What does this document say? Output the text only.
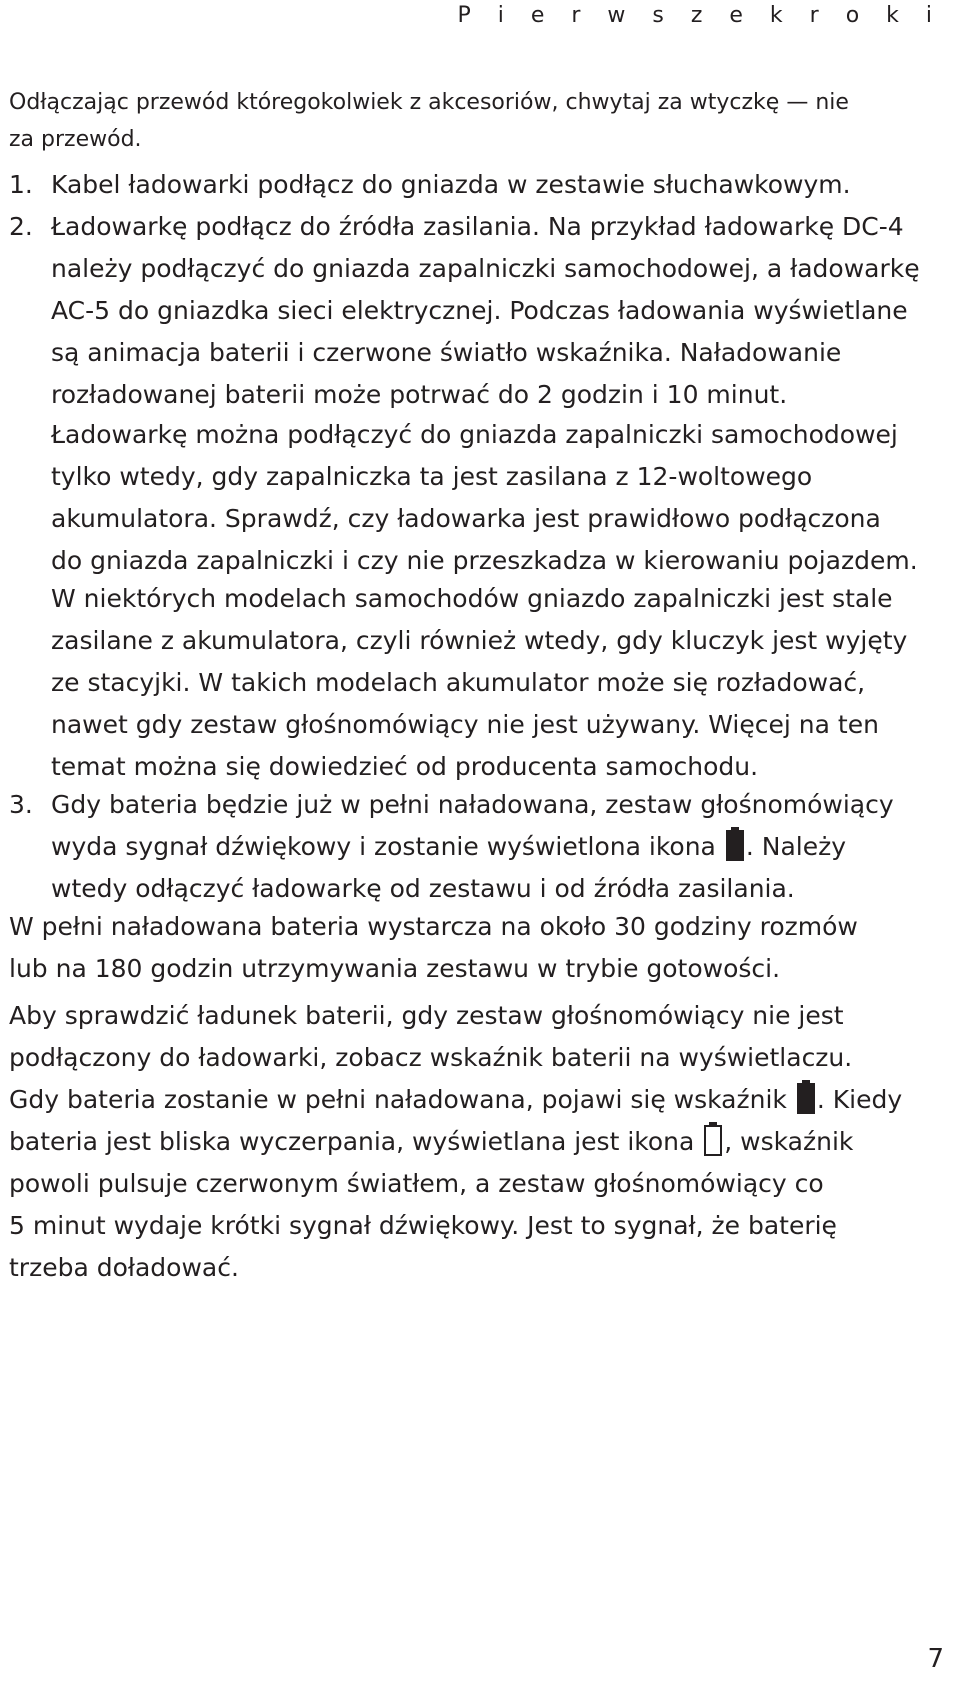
P i e r w s z e k r o k i
Odłączając przewód któregokolwiek z akcesoriów, chwytaj za wtyczkę — nie
za przewód.
1. Kabel ładowarki podłącz do gniazda w zestawie słuchawkowym.
2. Ładowarkę podłącz do źródła zasilania. Na przykład ładowarkę DC-4
należy podłączyć do gniazda zapalniczki samochodowej, a ładowarkę
AC-5 do gniazdka sieci elektrycznej. Podczas ładowania wyświetlane
są animacja baterii i czerwone światło wskaźnika. Naładowanie
rozładowanej baterii może potrwać do 2 godzin i 10 minut.
Ładowarkę można podłączyć do gniazda zapalniczki samochodowej
tylko wtedy, gdy zapalniczka ta jest zasilana z 12-woltowego
akumulatora. Sprawdź, czy ładowarka jest prawidłowo podłączona
do gniazda zapalniczki i czy nie przeszkadza w kierowaniu pojazdem.
W niektórych modelach samochodów gniazdo zapalniczki jest stale
zasilane z akumulatora, czyli również wtedy, gdy kluczyk jest wyjęty
ze stacyjki. W takich modelach akumulator może się rozładować,
nawet gdy zestaw głośnomówiący nie jest używany. Więcej na ten
temat można się dowiedzieć od producenta samochodu.
3. Gdy bateria będzie już w pełni naładowana, zestaw głośnomówiący
wyda sygnał dźwiękowy i zostanie wyświetlona ikona . Należy
wtedy odłączyć ładowarkę od zestawu i od źródła zasilania.
W pełni naładowana bateria wystarcza na około 30 godziny rozmów
lub na 180 godzin utrzymywania zestawu w trybie gotowości.
Aby sprawdzić ładunek baterii, gdy zestaw głośnomówiący nie jest
podłączony do ładowarki, zobacz wskaźnik baterii na wyświetlaczu.
Gdy bateria zostanie w pełni naładowana, pojawi się wskaźnik . Kiedy
bateria jest bliska wyczerpania, wyświetlana jest ikona , wskaźnik
powoli pulsuje czerwonym światłem, a zestaw głośnomówiący co
5 minut wydaje krótki sygnał dźwiękowy. Jest to sygnał, że baterię
trzeba doładować.
7
